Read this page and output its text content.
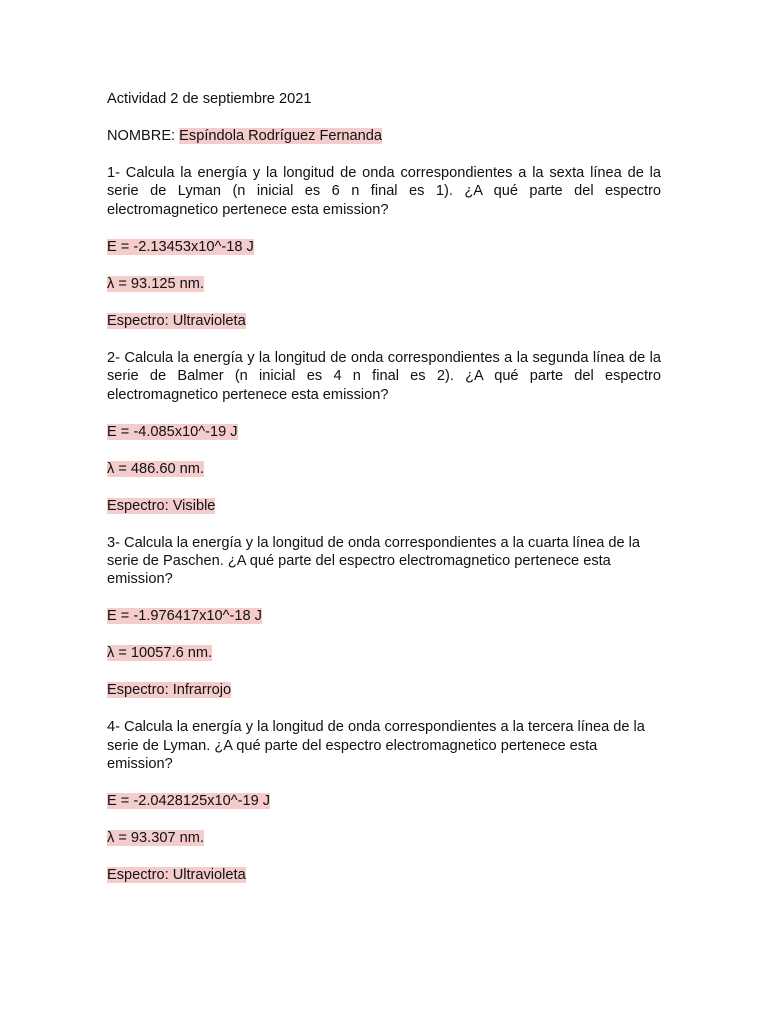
Actividad 2 de septiembre 2021

NOMBRE: Espíndola Rodríguez Fernanda

1- Calcula la energía y la longitud de onda correspondientes a la sexta línea de la serie de Lyman (n inicial es 6 n final es 1). ¿A qué parte del espectro electromagnetico pertenece esta emission?

E = -2.13453x10^-18 J

λ = 93.125 nm.

Espectro: Ultravioleta

2- Calcula la energía y la longitud de onda correspondientes a la segunda línea de la serie de Balmer (n inicial es 4 n final es 2). ¿A qué parte del espectro electromagnetico pertenece esta emission?

E = -4.085x10^-19 J

λ = 486.60 nm.

Espectro: Visible

3- Calcula la energía y la longitud de onda correspondientes a la cuarta línea de la serie de Paschen. ¿A qué parte del espectro electromagnetico pertenece esta emission?

E = -1.976417x10^-18 J

λ = 10057.6 nm.

Espectro: Infrarrojo

4- Calcula la energía y la longitud de onda correspondientes a la tercera línea de la serie de Lyman. ¿A qué parte del espectro electromagnetico pertenece esta emission?

E = -2.0428125x10^-19 J

λ = 93.307 nm.

Espectro: Ultravioleta
